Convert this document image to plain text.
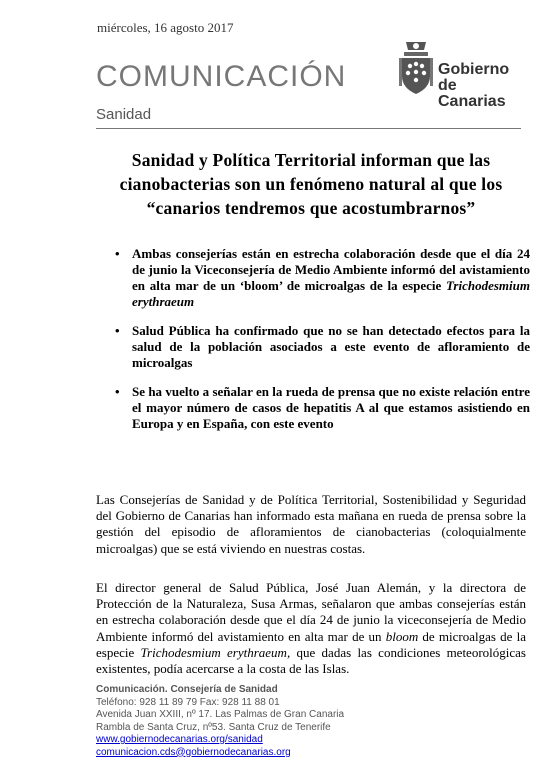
miércoles, 16 agosto 2017
COMUNICACIÓN
Sanidad
Gobierno
de Canarias
Sanidad y Política Territorial informan que las cianobacterias son un fenómeno natural al que los “canarios tendremos que acostumbrarnos”
• Ambas consejerías están en estrecha colaboración desde que el día 24 de junio la Viceconsejería de Medio Ambiente informó del avistamiento en alta mar de un ‘bloom’ de microalgas de la especie Trichodesmium erythraeum
• Salud Pública ha confirmado que no se han detectado efectos para la salud de la población asociados a este evento de afloramiento de microalgas
• Se ha vuelto a señalar en la rueda de prensa que no existe relación entre el mayor número de casos de hepatitis A al que estamos asistiendo en Europa y en España, con este evento
Las Consejerías de Sanidad y de Política Territorial, Sostenibilidad y Seguridad del Gobierno de Canarias han informado esta mañana en rueda de prensa sobre la gestión del episodio de afloramientos de cianobacterias (coloquialmente microalgas) que se está viviendo en nuestras costas.
El director general de Salud Pública, José Juan Alemán, y la directora de Protección de la Naturaleza, Susa Armas, señalaron que ambas consejerías están en estrecha colaboración desde que el día 24 de junio la viceconsejería de Medio Ambiente informó del avistamiento en alta mar de un bloom de microalgas de la especie Trichodesmium erythraeum, que dadas las condiciones meteorológicas existentes, podía acercarse a la costa de las Islas.
Comunicación. Consejería de Sanidad
Teléfono: 928 11 89 79 Fax: 928 11 88 01
Avenida Juan XXIII, nº 17. Las Palmas de Gran Canaria
Rambla de Santa Cruz, nº53. Santa Cruz de Tenerife
www.gobiernodecanarias.org/sanidad
comunicacion.cds@gobiernodecanarias.org
